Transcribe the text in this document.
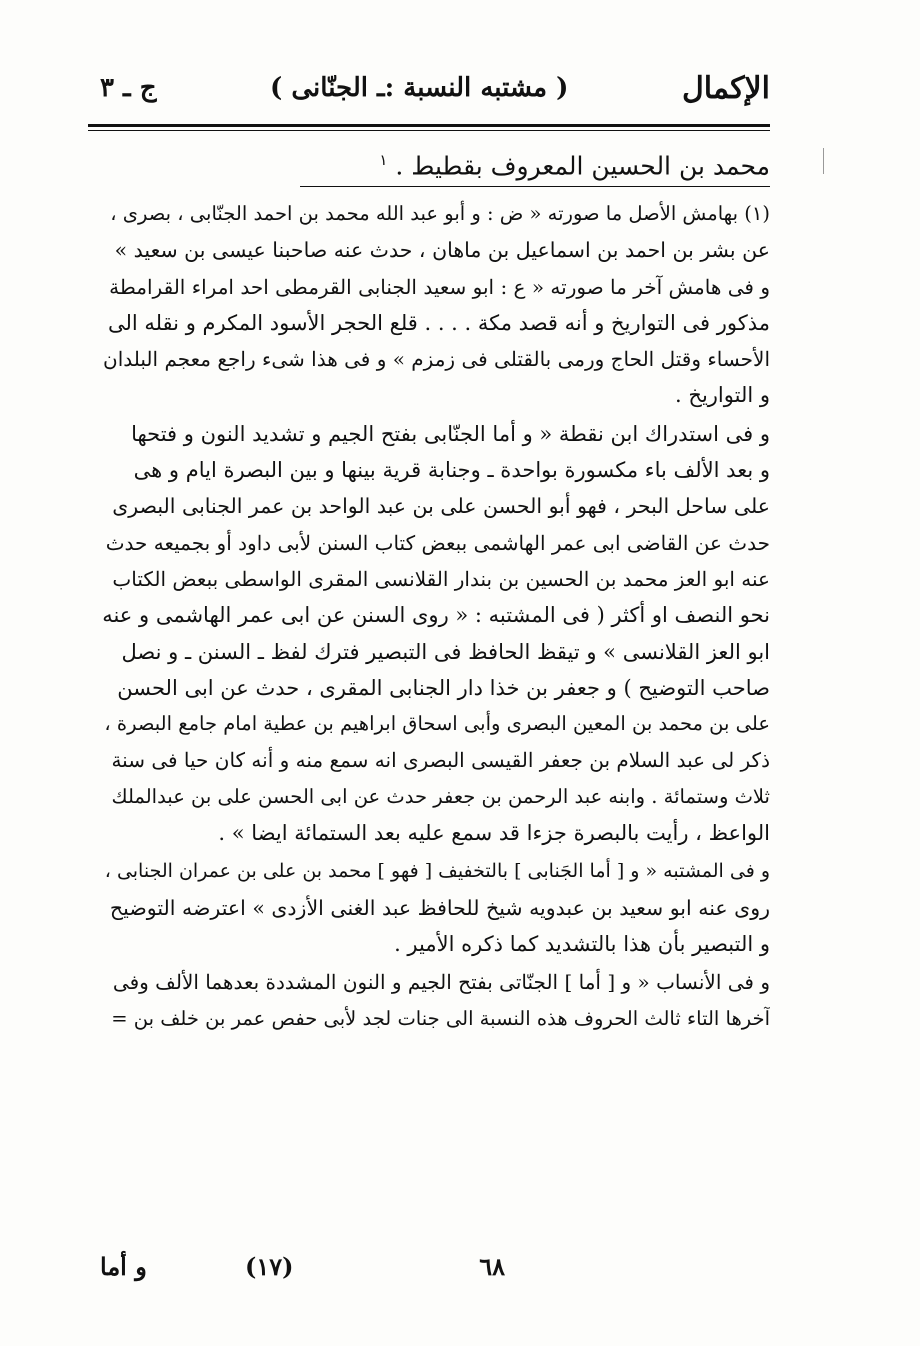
الإكمال
( مشتبه النسبة :ـ الجنّانى )
ج ـ ٣
محمد بن الحسين المعروف بقطيط . $^١$
(١) بهامش الأصل ما صورته « ض : و أبو عبد الله محمد بن احمد الجنّابى ، بصرى ،
عن بشر بن احمد بن اسماعيل بن ماهان ، حدث عنه صاحبنا عيسى بن سعيد »
و فى هامش آخر ما صورته « ع : ابو سعيد الجنابى القرمطى احد امراء القرامطة
مذكور فى التواريخ و أنه قصد مكة . . . . قلع الحجر الأسود المكرم و نقله الى
الأحساء وقتل الحاج ورمى بالقتلى فى زمزم » و فى هذا شىء راجع معجم البلدان
و التواريخ .
و فى استدراك ابن نقطة « و أما الجنّابى بفتح الجيم و تشديد النون و فتحها
و بعد الألف باء مكسورة بواحدة ـ وجنابة قرية بينها و بين البصرة ايام و هى
على ساحل البحر ، فهو أبو الحسن على بن عبد الواحد بن عمر الجنابى البصرى
حدث عن القاضى ابى عمر الهاشمى ببعض كتاب السنن لأبى داود أو بجميعه حدث
عنه ابو العز محمد بن الحسين بن بندار القلانسى المقرى الواسطى ببعض الكتاب
نحو النصف او أكثر ( فى المشتبه : « روى السنن عن ابى عمر الهاشمى و عنه
ابو العز القلانسى » و تيقظ الحافظ فى التبصير فترك لفظ ـ السنن ـ و نصل
صاحب التوضيح ) و جعفر بن خذا دار الجنابى المقرى ، حدث عن ابى الحسن
على بن محمد بن المعين البصرى وأبى اسحاق ابراهيم بن عطية امام جامع البصرة ،
ذكر لى عبد السلام بن جعفر القيسى البصرى انه سمع منه و أنه كان حيا فى سنة
ثلاث وستمائة . وابنه عبد الرحمن بن جعفر حدث عن ابى الحسن على بن عبدالملك
الواعظ ، رأيت بالبصرة جزءا قد سمع عليه بعد الستمائة ايضا » .
و فى المشتبه « و [ أما الجَنابى ] بالتخفيف [ فهو ] محمد بن على بن عمران الجنابى ،
روى عنه ابو سعيد بن عبدويه شيخ للحافظ عبد الغنى الأزدى » اعترضه التوضيح
و التبصير بأن هذا بالتشديد كما ذكره الأمير .
و فى الأنساب « و [ أما ] الجنّاتى بفتح الجيم و النون المشددة بعدهما الألف وفى
آخرها التاء ثالث الحروف هذه النسبة الى جنات لجد لأبى حفص عمر بن خلف بن =
٦٨
(١٧)
و أما
